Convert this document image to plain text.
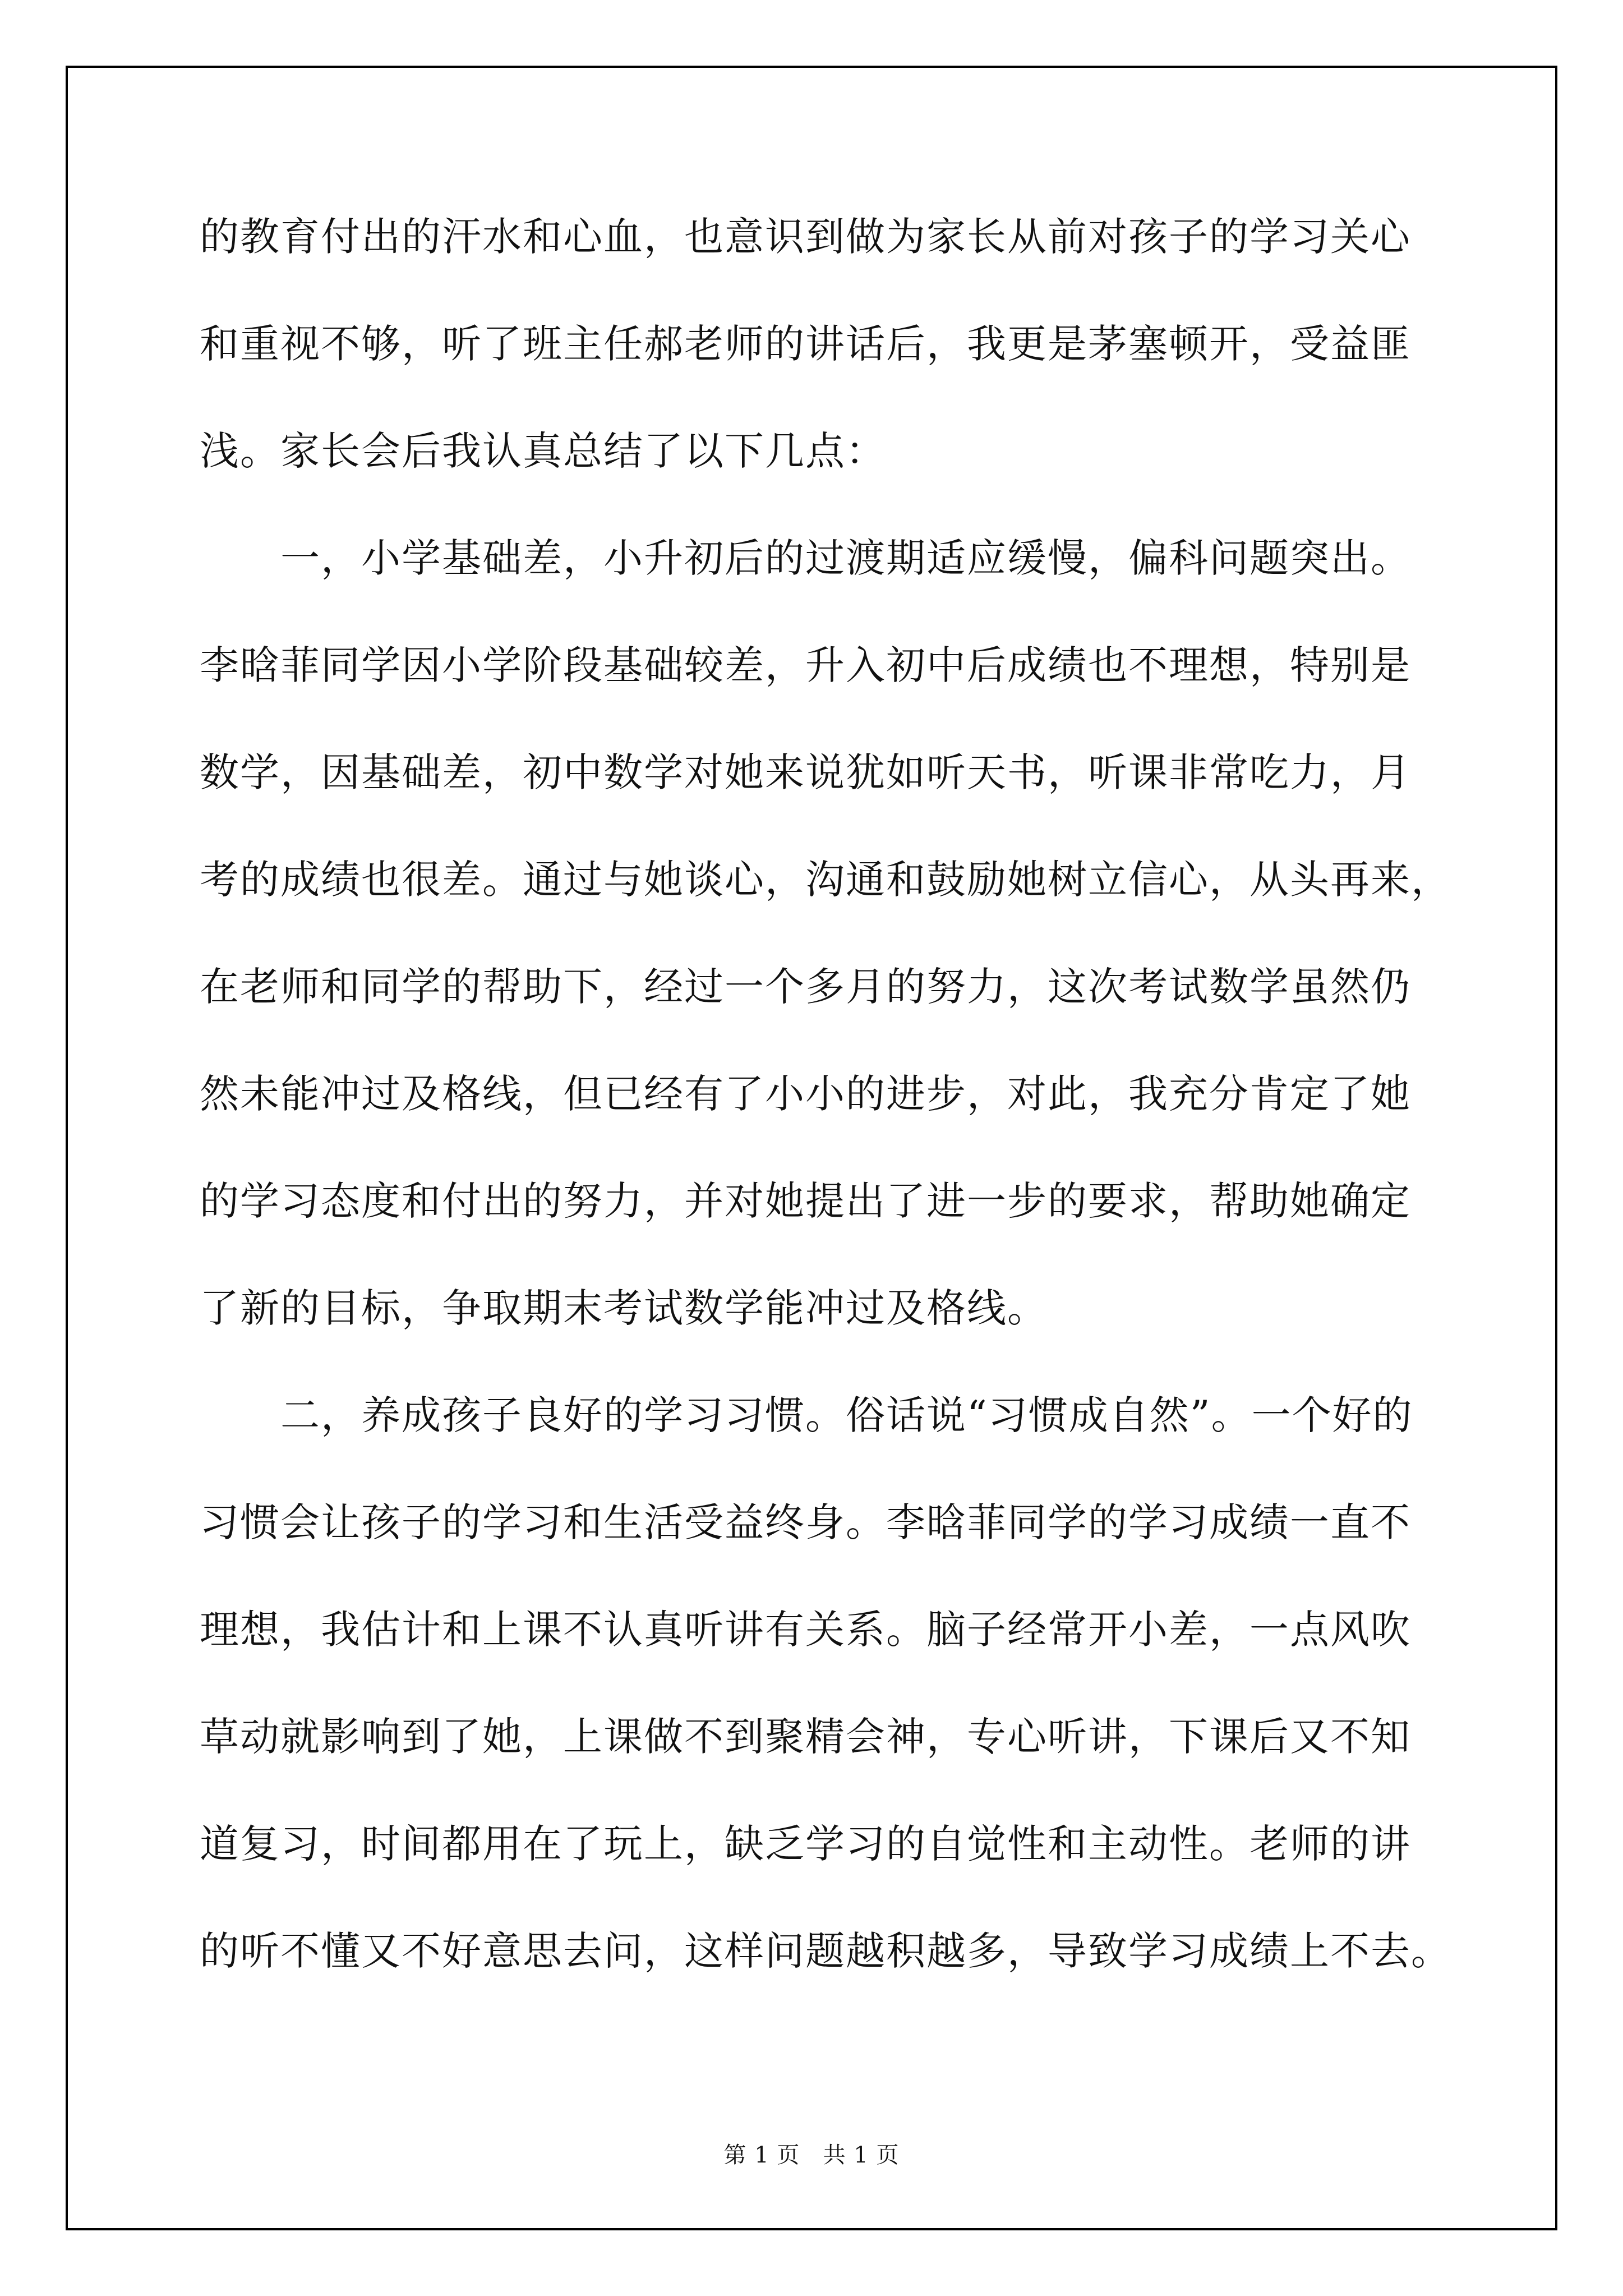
的教育付出的汗水和心血，也意识到做为家长从前对孩子的学习关心
和重视不够，听了班主任郝老师的讲话后，我更是茅塞顿开，受益匪
浅。家长会后我认真总结了以下几点：
一，小学基础差，小升初后的过渡期适应缓慢，偏科问题突出。
李晗菲同学因小学阶段基础较差，升入初中后成绩也不理想，特别是
数学，因基础差，初中数学对她来说犹如听天书，听课非常吃力，月
考的成绩也很差。通过与她谈心，沟通和鼓励她树立信心，从头再来，
在老师和同学的帮助下，经过一个多月的努力，这次考试数学虽然仍
然未能冲过及格线，但已经有了小小的进步，对此，我充分肯定了她
的学习态度和付出的努力，并对她提出了进一步的要求，帮助她确定
了新的目标，争取期末考试数学能冲过及格线。
二，养成孩子良好的学习习惯。俗话说“习惯成自然”。一个好的
习惯会让孩子的学习和生活受益终身。李晗菲同学的学习成绩一直不
理想，我估计和上课不认真听讲有关系。脑子经常开小差，一点风吹
草动就影响到了她，上课做不到聚精会神，专心听讲，下课后又不知
道复习，时间都用在了玩上，缺乏学习的自觉性和主动性。老师的讲
的听不懂又不好意思去问，这样问题越积越多，导致学习成绩上不去。
第 1 页   共 1 页
